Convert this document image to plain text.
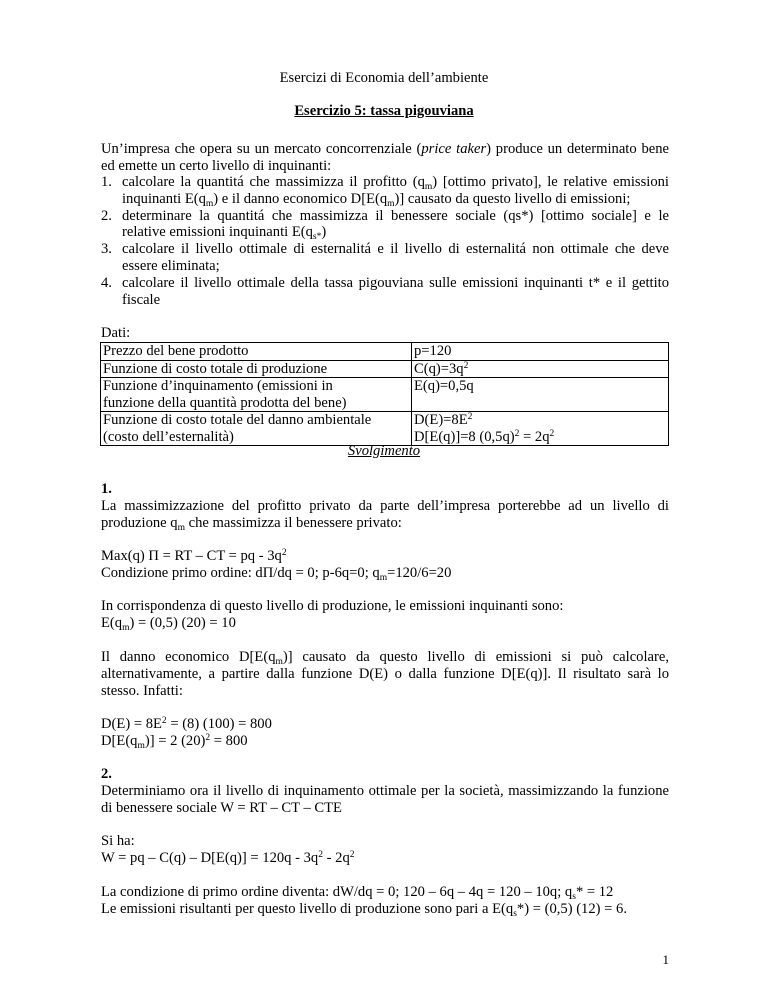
Esercizi di Economia dell’ambiente
Esercizio 5: tassa pigouviana
Un’impresa che opera su un mercato concorrenziale (price taker) produce un determinato bene ed emette un certo livello di inquinanti:
1. calcolare la quantitá che massimizza il profitto $(q_m)$ [ottimo privato], le relative emissioni inquinanti $E(q_m)$ e il danno economico $D[E(q_m)]$ causato da questo livello di emissioni;
2. determinare la quantitá che massimizza il benessere sociale (qs*) [ottimo sociale] e le relative emissioni inquinanti $E(q_{s*})$
3. calcolare il livello ottimale di esternalitá e il livello di esternalitá non ottimale che deve essere eliminata;
4. calcolare il livello ottimale della tassa pigouviana sulle emissioni inquinanti t* e il gettito fiscale
Dati:
Prezzo del bene prodotto	p=120
Funzione di costo totale di produzione	$C(q)=3q^2$
Funzione d’inquinamento (emissioni in
funzione della quantità prodotta del bene)	E(q)=0,5q
Funzione di costo totale del danno ambientale
(costo dell’esternalità)	$D(E)=8E^2$
D[E(q)]=8 $(0,5q)^2 = 2q^2$
Svolgimento
1.
La massimizzazione del profitto privato da parte dell’impresa porterebbe ad un livello di produzione $q_m$ che massimizza il benessere privato:
Max(q) Π = RT – CT = pq - $3q^2$
Condizione primo ordine: dΠ/dq = 0; p-6q=0; $q_m=120/6=20$
In corrispondenza di questo livello di produzione, le emissioni inquinanti sono:
$E(q_m) = (0,5) (20) = 10$
Il danno economico $D[E(q_m)]$ causato da questo livello di emissioni si può calcolare, alternativamente, a partire dalla funzione D(E) o dalla funzione D[E(q)]. Il risultato sarà lo stesso. Infatti:
$D(E) = 8E^2 = (8) (100) = 800$
$D[E(q_m)] = 2$ $(20)^2 = 800$
2.
Determiniamo ora il livello di inquinamento ottimale per la società, massimizzando la funzione di benessere sociale W = RT – CT – CTE
Si ha:
W = pq – $C(q) - D[E(q)] = 120q - 3q^2 - 2q^2$
La condizione di primo ordine diventa: dW/dq = 0; 120 – 6q – 4q = 120 – 10q; $q_s* = 12$
Le emissioni risultanti per questo livello di produzione sono pari a $E(q_s*) = (0,5) (12) = 6$.
1
